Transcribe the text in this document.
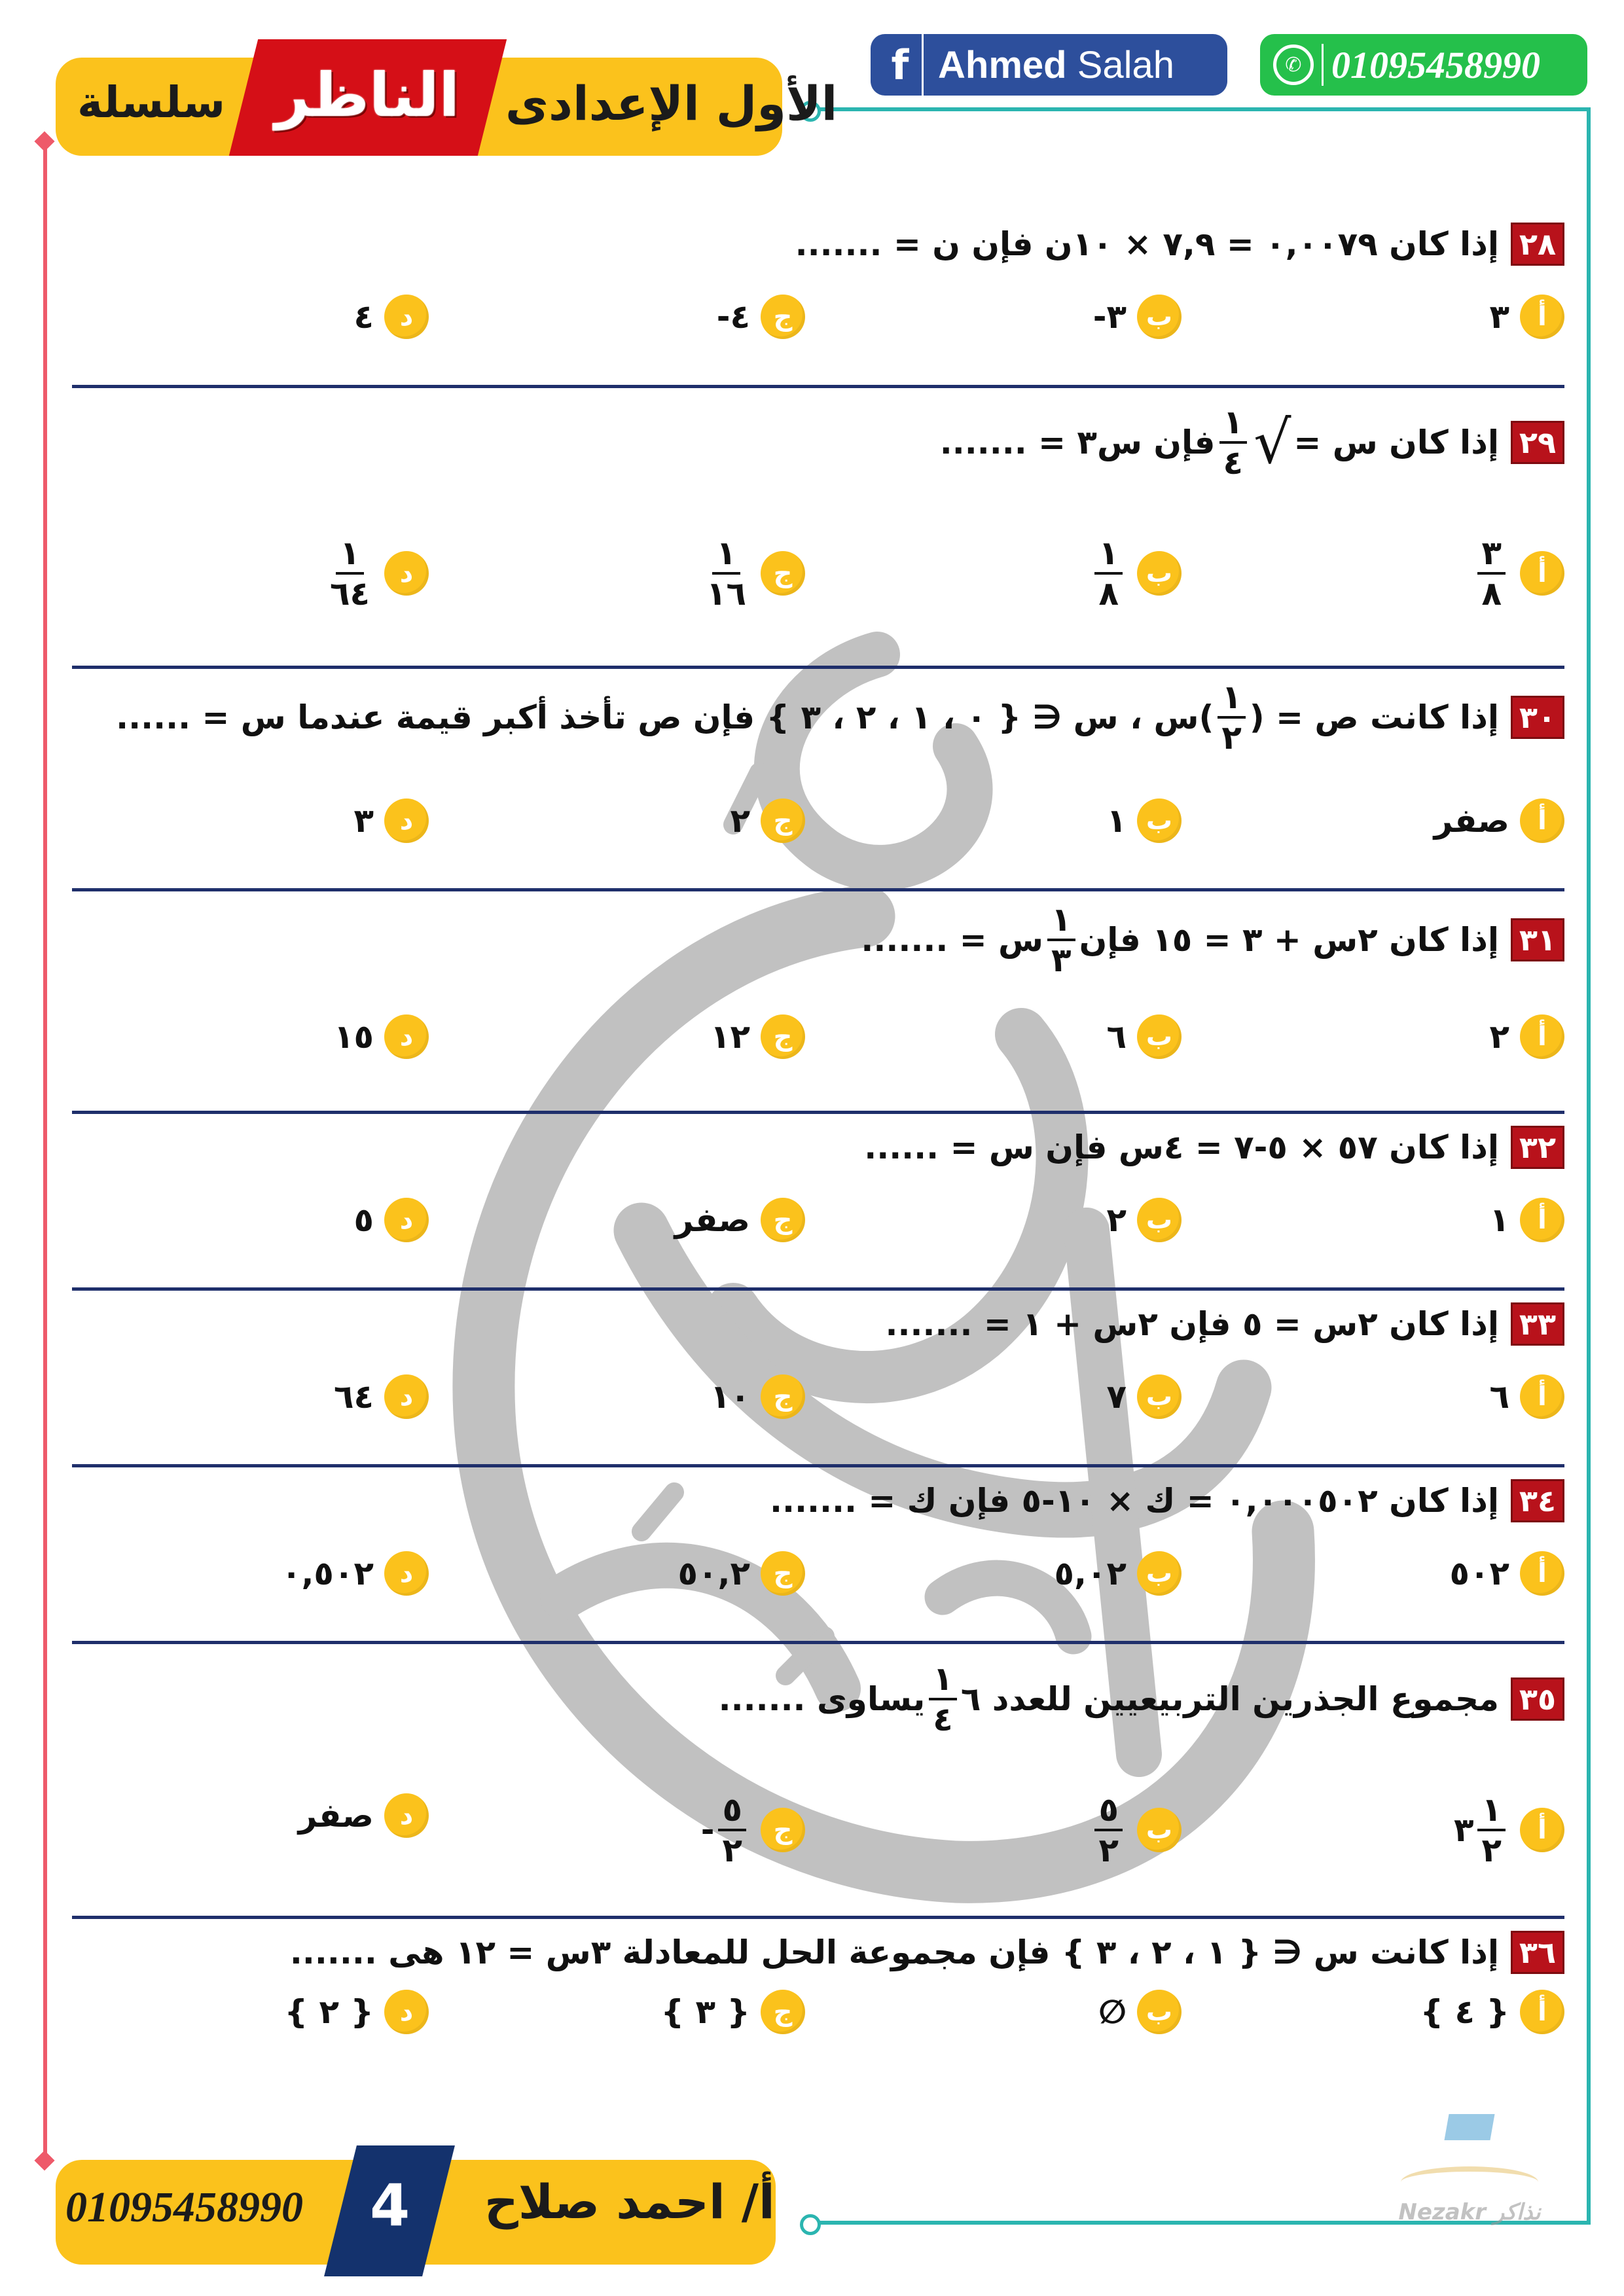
سلسلة الناظر الأول الإعدادى
f Ahmed Salah	✆ 01095458990
٢٨
إذا كان ٠,٠٠٧٩ = ٧,٩ × ١٠ن فإن ن = .......
أ
٣
ب
-٣
ج
-٤
د
٤
٢٩
إذا كان س =
√
$\frac{١}{٤}$
فإن س٣ = .......
أ
$\frac{٣}{٨}$
ب
$\frac{١}{٨}$
ج
$\frac{١}{١٦}$
د
$\frac{١}{٦٤}$
٣٠
إذا كانت ص = (
$\frac{١}{٢}$
)س ، س ∈ { ٠ ، ١ ، ٢ ، ٣ } فإن ص تأخذ أكبر قيمة عندما س = ......
أ
صفر
ب
١
ج
٢
د
٣
٣١
إذا كان ٢س + ٣ = ١٥ فإن
$\frac{١}{٣}$
س = .......
أ
٢
ب
٦
ج
١٢
د
١٥
٣٢
إذا كان ٥٧ × ٥-٧ = ٤س فإن س = ......
أ
١
ب
٢
ج
صفر
د
٥
٣٣
إذا كان ٢س = ٥ فإن ٢س + ١ = .......
أ
٦
ب
٧
ج
١٠
د
٦٤
٣٤
إذا كان ٠,٠٠٠٥٠٢ = ك × ١٠-٥ فإن ك = .......
أ
٥٠٢
ب
٥,٠٢
ج
٥٠,٢
د
٠,٥٠٢
٣٥
مجموع الجذرين التربيعيين للعدد ٦
$\frac{١}{٤}$
يساوى .......
أ
$\frac{١}{٢}$
٣
ب
$\frac{٥}{٢}$
ج
$\frac{٥}{٢}$
-
د
صفر
٣٦
إذا كانت س ∈ { ١ ، ٢ ، ٣ } فإن مجموعة الحل للمعادلة ٣س = ١٢ هى .......
أ
{ ٤ }
ب
∅
ج
{ ٣ }
د
{ ٢ }
01095458990 4 أ/ احمد صلاح	Nezakr نذاكر
